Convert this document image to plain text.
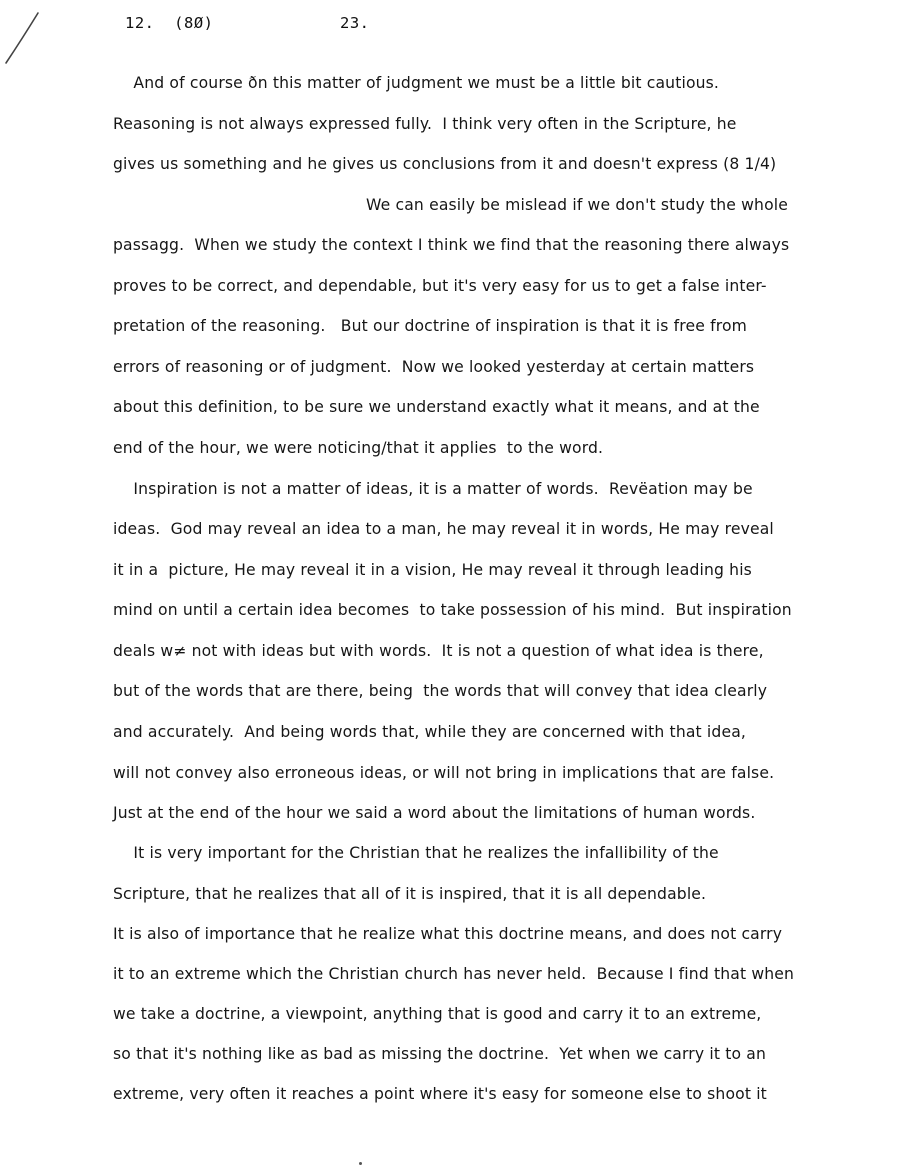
12.  (8Ø)	23.
And of course ðn this matter of judgment we must be a little bit cautious.
Reasoning is not always expressed fully.  I think very often in the Scripture, he
gives us something and he gives us conclusions from it and doesn't express (8 1/4)
We can easily be mislead if we don't study the whole
passagg.  When we study the context I think we find that the reasoning there always
proves to be correct, and dependable, but it's very easy for us to get a false inter-
pretation of the reasoning.   But our doctrine of inspiration is that it is free from
errors of reasoning or of judgment.  Now we looked yesterday at certain matters
about this definition, to be sure we understand exactly what it means, and at the
end of the hour, we were noticing/that it applies  to the word.
Inspiration is not a matter of ideas, it is a matter of words.  Revëation may be
ideas.  God may reveal an idea to a man, he may reveal it in words, He may reveal
it in a  picture, He may reveal it in a vision, He may reveal it through leading his
mind on until a certain idea becomes  to take possession of his mind.  But inspiration
deals w≠ not with ideas but with words.  It is not a question of what idea is there,
but of the words that are there, being  the words that will convey that idea clearly
and accurately.  And being words that, while they are concerned with that idea,
will not convey also erroneous ideas, or will not bring in implications that are false.
Just at the end of the hour we said a word about the limitations of human words.
It is very important for the Christian that he realizes the infallibility of the
Scripture, that he realizes that all of it is inspired, that it is all dependable.
It is also of importance that he realize what this doctrine means, and does not carry
it to an extreme which the Christian church has never held.  Because I find that when
we take a doctrine, a viewpoint, anything that is good and carry it to an extreme,
so that it's nothing like as bad as missing the doctrine.  Yet when we carry it to an
extreme, very often it reaches a point where it's easy for someone else to shoot it
